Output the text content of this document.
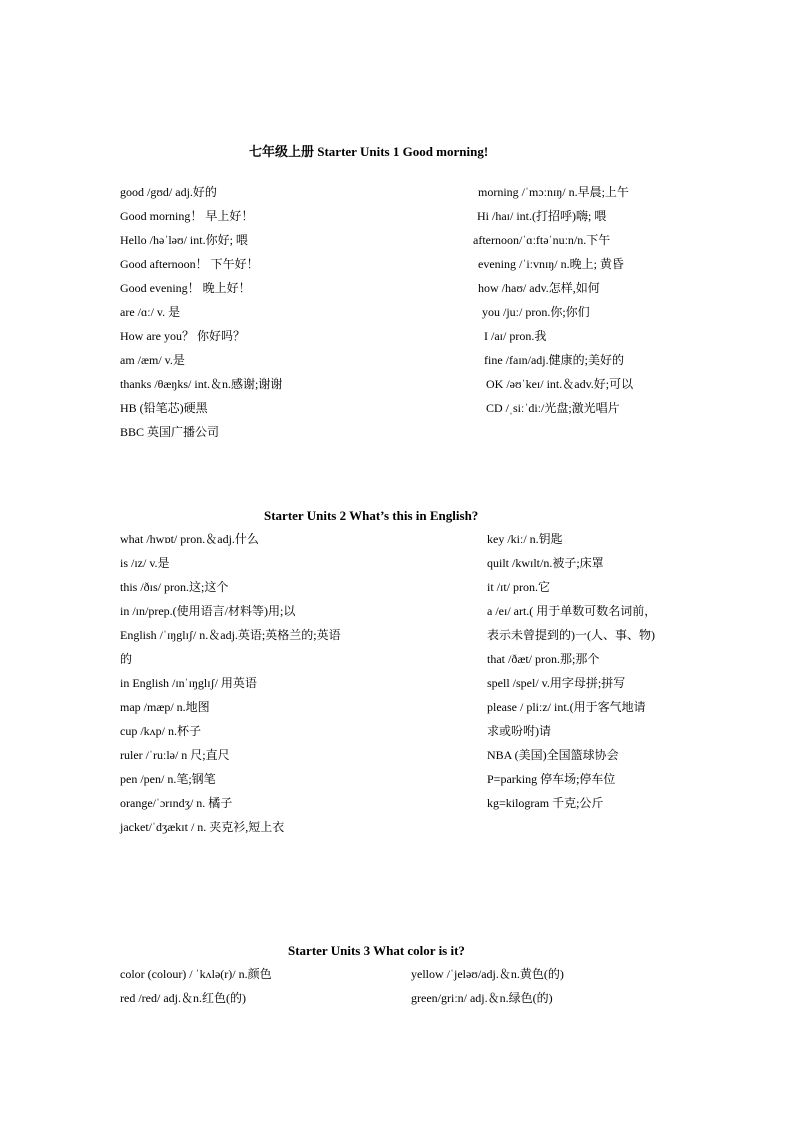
七年级上册 Starter Units 1 Good morning!
good /gʊd/ adj.好的
Good morning！ 早上好！
Hello /həˈləʊ/ int.你好; 喂
Good afternoon！ 下午好！
Good evening！ 晚上好！
are /ɑː/ v. 是
How are you？ 你好吗？
am /æm/ v.是
thanks /θæŋks/ int.＆n.感谢;谢谢
HB (铅笔芯)硬黑
BBC 英国广播公司
morning /ˈmɔːnɪŋ/ n.早晨;上午
Hi /haɪ/ int.(打招呼)嗨; 喂
afternoon/ˈɑːftəˈnuːn/n.下午
evening /ˈiːvnɪŋ/ n.晚上; 黄昏
how /haʊ/ adv.怎样,如何
you /juː/ pron.你;你们
I /aɪ/ pron.我
fine /faɪn/adj.健康的;美好的
OK /əʊˈkeɪ/ int.＆adv.好;可以
CD /ˌsiːˈdiː/光盘;激光唱片
Starter Units 2 What’s this in English?
what /hwɒt/ pron.＆adj.什么
is /ɪz/ v.是
this /ðɪs/ pron.这;这个
in /ɪn/prep.(使用语言/材料等)用;以
English /ˈɪŋglɪʃ/ n.＆adj.英语;英格兰的;英语
的
in English /ɪnˈɪŋglɪʃ/ 用英语
map /mæp/ n.地图
cup /kʌp/ n.杯子
ruler /ˈruːlə/ n 尺;直尺
pen /pen/ n.笔;钢笔
orange/ˈɔrɪndʒ/ n. 橘子
jacket/ˈdʒækɪt / n. 夹克衫,短上衣
key /kiː/ n.钥匙
quilt /kwɪlt/n.被子;床罩
it /ɪt/ pron.它
a /eɪ/ art.( 用于单数可数名词前，
表示未曾提到的)一(人、事、物)
that /ðæt/ pron.那;那个
spell /spel/ v.用字母拼;拼写
please / pliːz/ int.(用于客气地请
求或吩咐)请
NBA (美国)全国篮球协会
P=parking 停车场;停车位
kg=kilogram 千克;公斤
Starter Units 3 What color is it?
color (colour) / ˈkʌlə(r)/ n.颜色
red /red/ adj.＆n.红色(的)
yellow /ˈjeləʊ/adj.＆n.黄色(的)
green/griːn/ adj.＆n.绿色(的)
